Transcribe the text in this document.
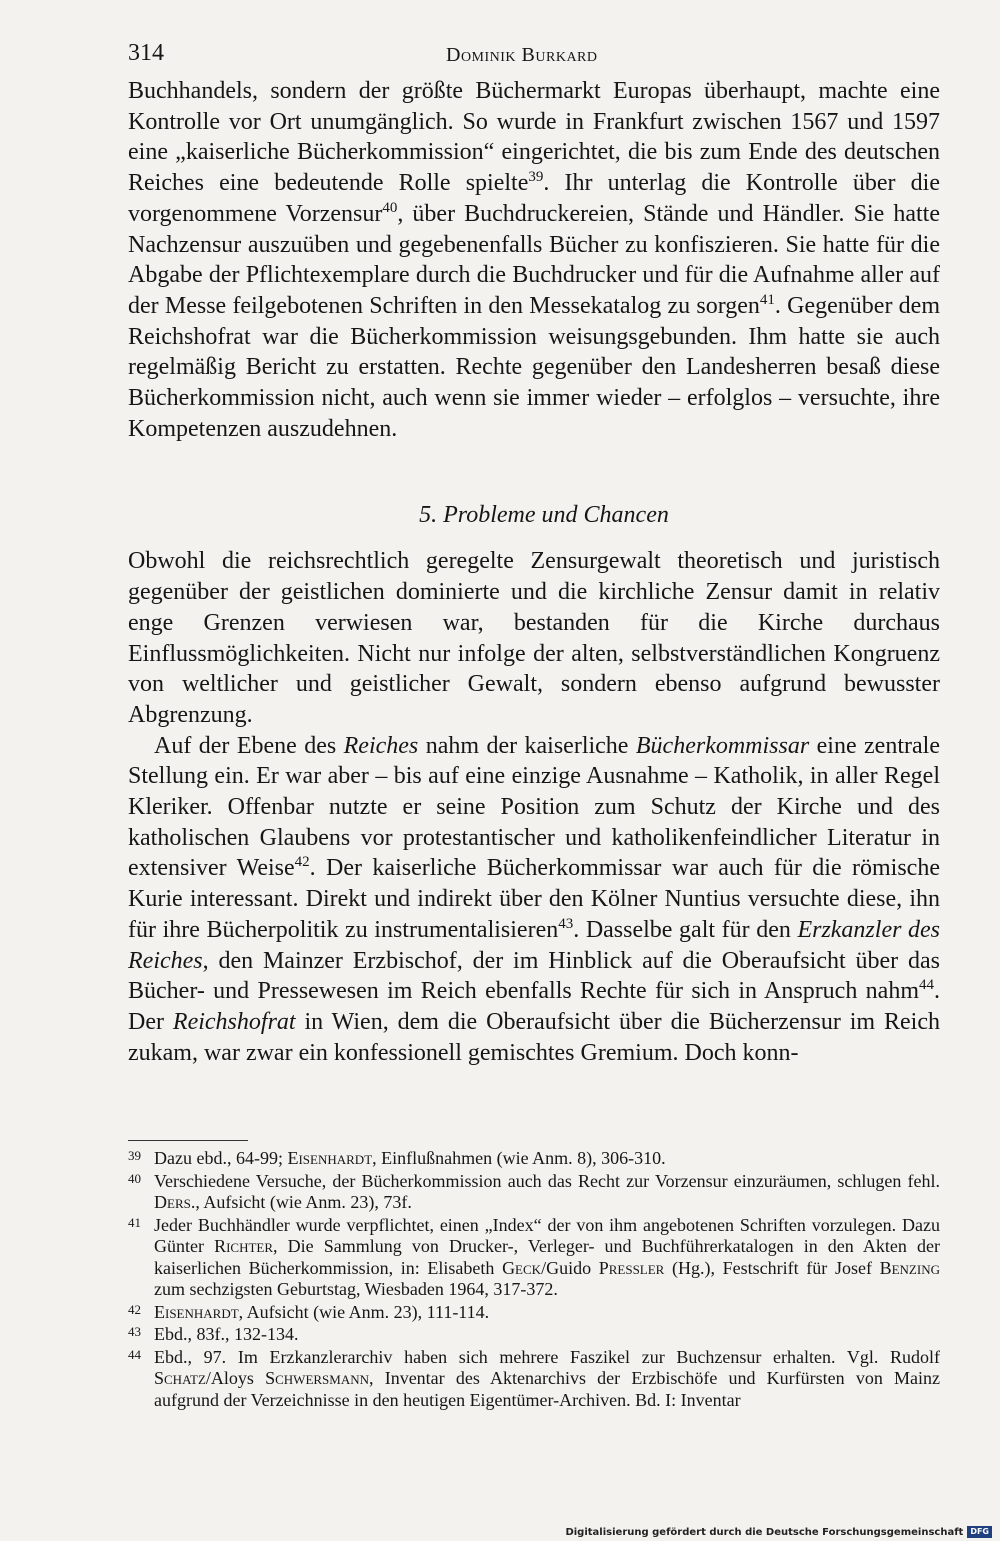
314	Dominik Burkard

Buchhandels, sondern der größte Büchermarkt Europas überhaupt, machte eine Kontrolle vor Ort unumgänglich. So wurde in Frankfurt zwischen 1567 und 1597 eine „kaiserliche Bücherkommission“ eingerichtet, die bis zum Ende des deutschen Reiches eine bedeutende Rolle spielte$^{39}$. Ihr unterlag die Kontrolle über die vorgenommene Vorzensur$^{40}$, über Buchdruckereien, Stände und Händler. Sie hatte Nachzensur auszuüben und gegebenenfalls Bücher zu konfiszieren. Sie hatte für die Abgabe der Pflichtexemplare durch die Buchdrucker und für die Aufnahme aller auf der Messe feilgebotenen Schriften in den Messekatalog zu sorgen$^{41}$. Gegenüber dem Reichshofrat war die Bücherkommission weisungsgebunden. Ihm hatte sie auch regelmäßig Bericht zu erstatten. Rechte gegenüber den Landesherren besaß diese Bücherkommission nicht, auch wenn sie immer wieder – erfolglos – versuchte, ihre Kompetenzen auszudehnen.

5. Probleme und Chancen

Obwohl die reichsrechtlich geregelte Zensurgewalt theoretisch und juristisch gegenüber der geistlichen dominierte und die kirchliche Zensur damit in relativ enge Grenzen verwiesen war, bestanden für die Kirche durchaus Einflussmöglichkeiten. Nicht nur infolge der alten, selbstverständlichen Kongruenz von weltlicher und geistlicher Gewalt, sondern ebenso aufgrund bewusster Abgrenzung.

Auf der Ebene des Reiches nahm der kaiserliche Bücherkommissar eine zentrale Stellung ein. Er war aber – bis auf eine einzige Ausnahme – Katholik, in aller Regel Kleriker. Offenbar nutzte er seine Position zum Schutz der Kirche und des katholischen Glaubens vor protestantischer und katholikenfeindlicher Literatur in extensiver Weise$^{42}$. Der kaiserliche Bücherkommissar war auch für die römische Kurie interessant. Direkt und indirekt über den Kölner Nuntius versuchte diese, ihn für ihre Bücherpolitik zu instrumentalisieren$^{43}$. Dasselbe galt für den Erzkanzler des Reiches, den Mainzer Erzbischof, der im Hinblick auf die Oberaufsicht über das Bücher- und Pressewesen im Reich ebenfalls Rechte für sich in Anspruch nahm$^{44}$. Der Reichshofrat in Wien, dem die Oberaufsicht über die Bücherzensur im Reich zukam, war zwar ein konfessionell gemischtes Gremium. Doch konn-

39 Dazu ebd., 64-99; Eisenhardt, Einflußnahmen (wie Anm. 8), 306-310.

40 Verschiedene Versuche, der Bücherkommission auch das Recht zur Vorzensur einzuräumen, schlugen fehl. Ders., Aufsicht (wie Anm. 23), 73f.

41 Jeder Buchhändler wurde verpflichtet, einen „Index“ der von ihm angebotenen Schriften vorzulegen. Dazu Günter Richter, Die Sammlung von Drucker-, Verleger- und Buchführerkatalogen in den Akten der kaiserlichen Bücherkommission, in: Elisabeth Geck/Guido Pressler (Hg.), Festschrift für Josef Benzing zum sechzigsten Geburtstag, Wiesbaden 1964, 317-372.

42 Eisenhardt, Aufsicht (wie Anm. 23), 111-114.

43 Ebd., 83f., 132-134.

44 Ebd., 97. Im Erzkanzlerarchiv haben sich mehrere Faszikel zur Buchzensur erhalten. Vgl. Rudolf Schatz/Aloys Schwersmann, Inventar des Aktenarchivs der Erzbischöfe und Kurfürsten von Mainz aufgrund der Verzeichnisse in den heutigen Eigentümer-Archiven. Bd. I: Inventar

Digitalisierung gefördert durch die Deutsche Forschungsgemeinschaft DFG
